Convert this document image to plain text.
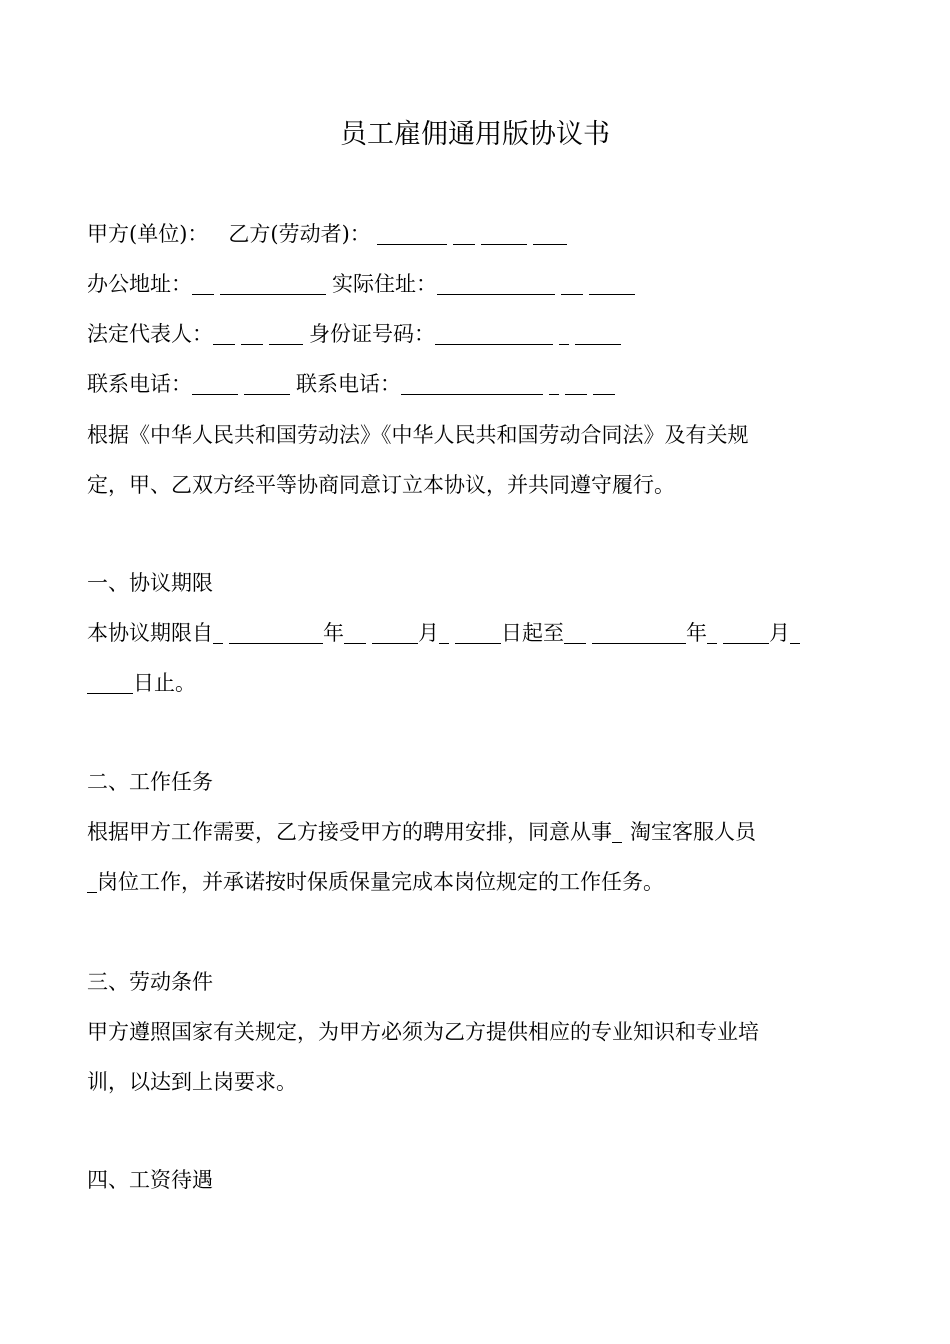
员工雇佣通用版协议书
甲方(单位)： 乙方(劳动者)：
办公地址：	实际住址：
法定代表人：	身份证号码：
联系电话：	联系电话：
根据《中华人民共和国劳动法》《中华人民共和国劳动合同法》及有关规
定，甲、乙双方经平等协商同意订立本协议，并共同遵守履行。
一、协议期限
本协议期限自	年	月	日起至	年	月
日止。
二、工作任务
根据甲方工作需要，乙方接受甲方的聘用安排，同意从事 淘宝客服人员
岗位工作，并承诺按时保质保量完成本岗位规定的工作任务。
三、劳动条件
甲方遵照国家有关规定，为甲方必须为乙方提供相应的专业知识和专业培
训，以达到上岗要求。
四、工资待遇
